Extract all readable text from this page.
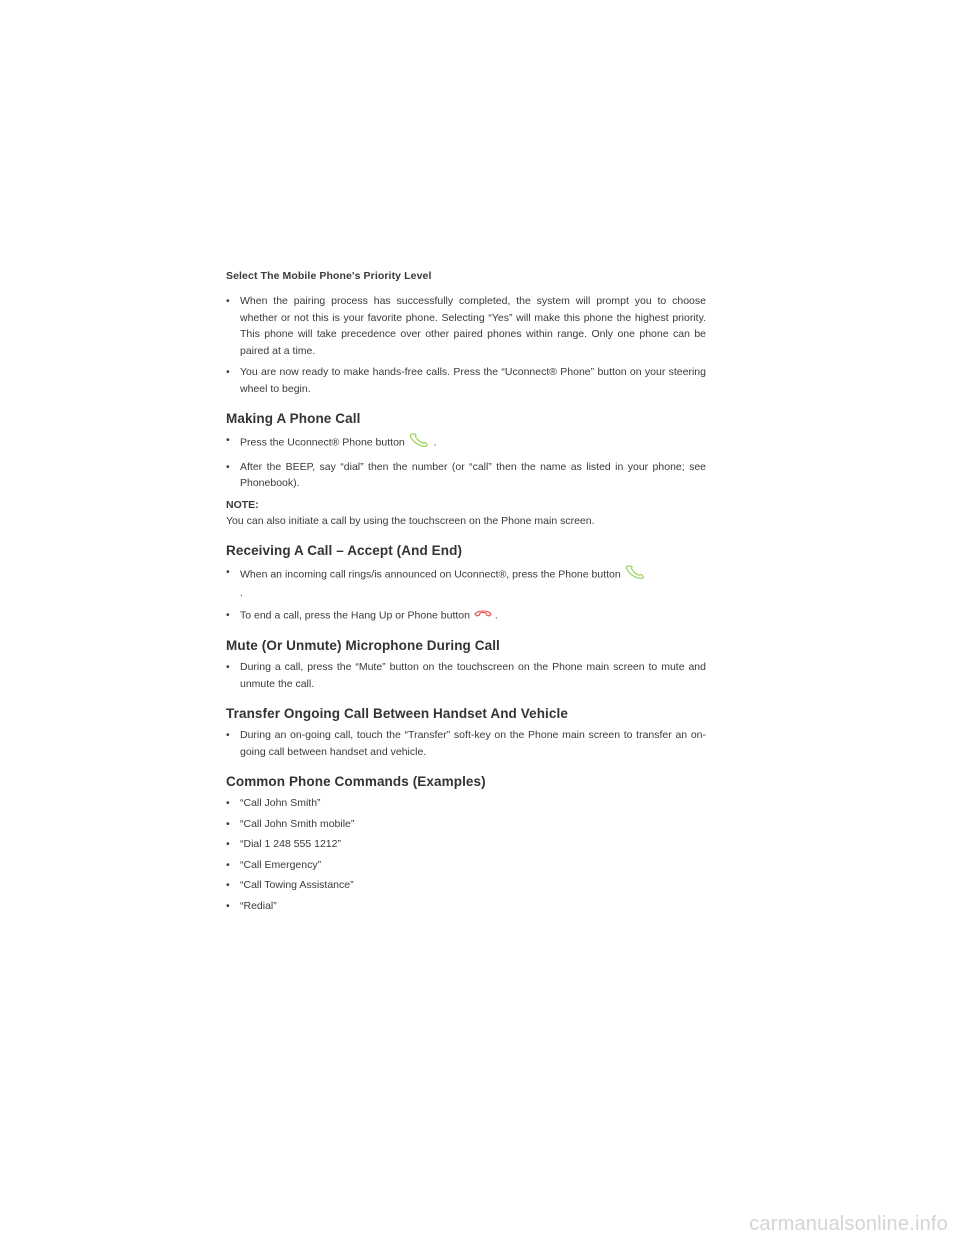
Select The Mobile Phone's Priority Level

• When the pairing process has successfully completed, the system will prompt you to choose whether or not this is your favorite phone. Selecting “Yes” will make this phone the highest priority. This phone will take precedence over other paired phones within range. Only one phone can be paired at a time.
• You are now ready to make hands-free calls. Press the “Uconnect® Phone” button on your steering wheel to begin.
Making A Phone Call
• Press the Uconnect® Phone button	.
• After the BEEP, say “dial” then the number (or “call” then the name as listed in your phone; see Phonebook).

NOTE:

You can also initiate a call by using the touchscreen on the Phone main screen.

Receiving A Call – Accept (And End)
• When an incoming call rings/is announced on Uconnect®, press the Phone button
.
• To end a call, press the Hang Up or Phone button .
Mute (Or Unmute) Microphone During Call
• During a call, press the “Mute” button on the touchscreen on the Phone main screen to mute and unmute the call.
Transfer Ongoing Call Between Handset And Vehicle
• During an on-going call, touch the “Transfer” soft-key on the Phone main screen to transfer an on-going call between handset and vehicle.
Common Phone Commands (Examples)
• “Call John Smith”
• “Call John Smith mobile”
• “Dial 1 248 555 1212”
• “Call Emergency”
• “Call Towing Assistance”
• “Redial”
carmanualsonline.info
